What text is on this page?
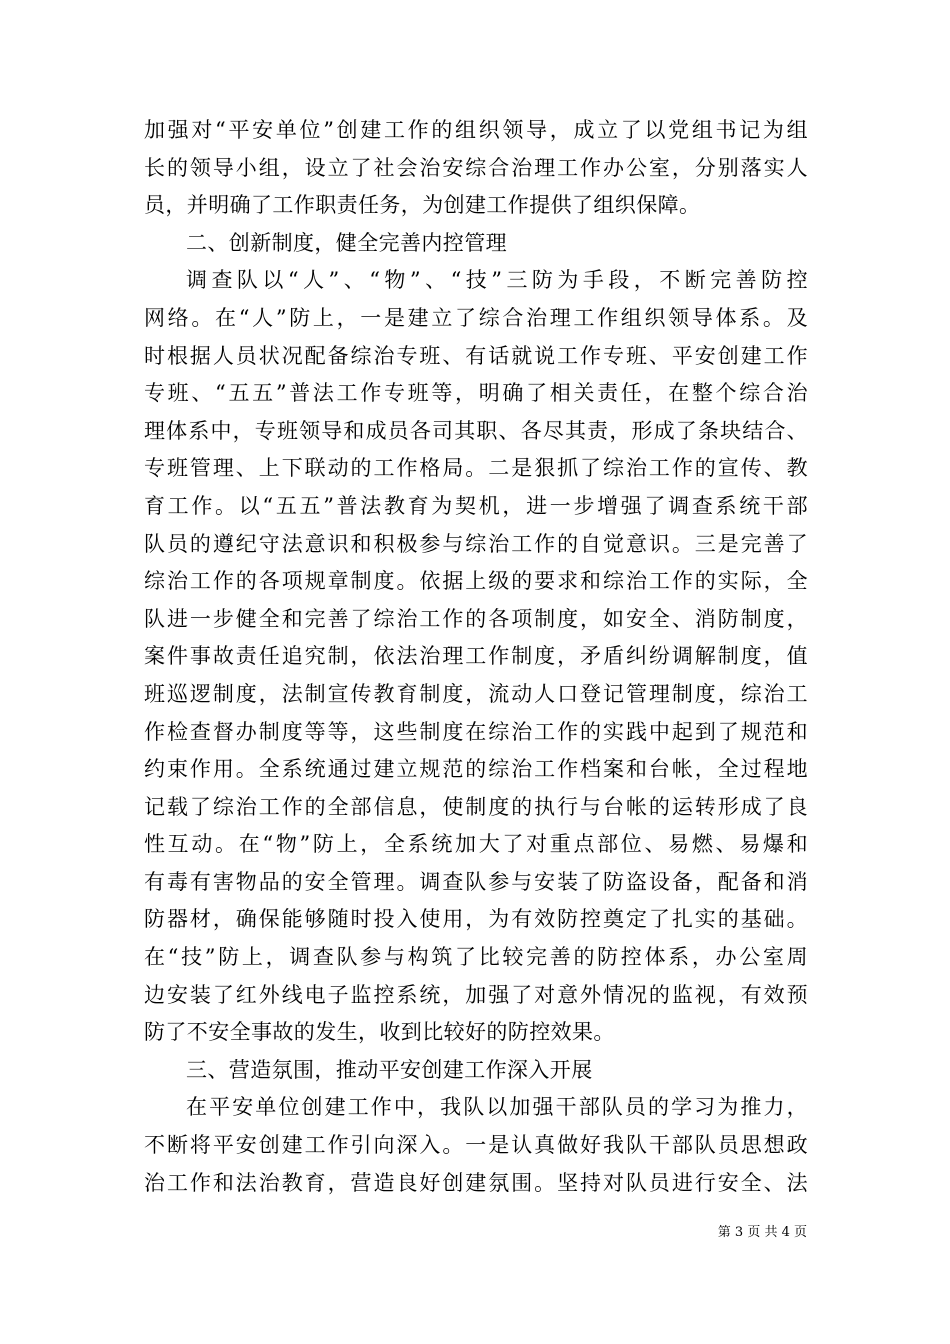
加强对“平安单位”创建工作的组织领导，成立了以党组书记为组
长的领导小组，设立了社会治安综合治理工作办公室，分别落实人
员，并明确了工作职责任务，为创建工作提供了组织保障。
二、创新制度，健全完善内控管理
调查队以“人”、“物”、“技”三防为手段，不断完善防控
网络。在“人”防上，一是建立了综合治理工作组织领导体系。及
时根据人员状况配备综治专班、有话就说工作专班、平安创建工作
专班、“五五”普法工作专班等，明确了相关责任，在整个综合治
理体系中，专班领导和成员各司其职、各尽其责，形成了条块结合、
专班管理、上下联动的工作格局。二是狠抓了综治工作的宣传、教
育工作。以“五五”普法教育为契机，进一步增强了调查系统干部
队员的遵纪守法意识和积极参与综治工作的自觉意识。三是完善了
综治工作的各项规章制度。依据上级的要求和综治工作的实际，全
队进一步健全和完善了综治工作的各项制度，如安全、消防制度，
案件事故责任追究制，依法治理工作制度，矛盾纠纷调解制度，值
班巡逻制度，法制宣传教育制度，流动人口登记管理制度，综治工
作检查督办制度等等，这些制度在综治工作的实践中起到了规范和
约束作用。全系统通过建立规范的综治工作档案和台帐，全过程地
记载了综治工作的全部信息，使制度的执行与台帐的运转形成了良
性互动。在“物”防上，全系统加大了对重点部位、易燃、易爆和
有毒有害物品的安全管理。调查队参与安装了防盗设备，配备和消
防器材，确保能够随时投入使用，为有效防控奠定了扎实的基础。
在“技”防上，调查队参与构筑了比较完善的防控体系，办公室周
边安装了红外线电子监控系统，加强了对意外情况的监视，有效预
防了不安全事故的发生，收到比较好的防控效果。
三、营造氛围，推动平安创建工作深入开展
在平安单位创建工作中，我队以加强干部队员的学习为推力，
不断将平安创建工作引向深入。一是认真做好我队干部队员思想政
治工作和法治教育，营造良好创建氛围。坚持对队员进行安全、法
第 3 页 共 4 页
